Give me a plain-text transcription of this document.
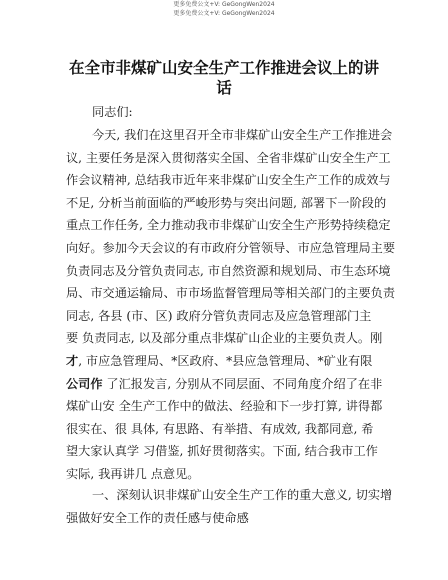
更多免费公文+V: GeGongWen2024
更多免费公文+V: GeGongWen2024
在全市非煤矿山安全生产工作推进会议上的讲
话
同志们:
今天, 我们在这里召开全市非煤矿山安全生产工作推进会
议, 主要任务是深入贯彻落实全国、全省非煤矿山安全生产工
作会议精神, 总结我市近年来非煤矿山安全生产工作的成效与
不足, 分析当前面临的严峻形势与突出问题, 部署下一阶段的
重点工作任务, 全力推动我市非煤矿山安全生产形势持续稳定
向好。参加今天会议的有市政府分管领导、市应急管理局主要
负责同志及分管负责同志, 市自然资源和规划局、市生态环境
局、市交通运输局、市市场监督管理局等相关部门的主要负责
同志, 各县 (市、区) 政府分管负责同志及应急管理部门主
要 负责同志, 以及部分重点非煤矿山企业的主要负责人。刚
才, 市应急管理局、*区政府、*县应急管理局、*矿业有限
公司作 了汇报发言, 分别从不同层面、不同角度介绍了在非
煤矿山安 全生产工作中的做法、经验和下一步打算, 讲得都
很实在、很 具体, 有思路、有举措、有成效, 我都同意, 希
望大家认真学 习借鉴, 抓好贯彻落实。下面, 结合我市工作
实际, 我再讲几 点意见。
一、深刻认识非煤矿山安全生产工作的重大意义, 切实增
强做好安全工作的责任感与使命感
